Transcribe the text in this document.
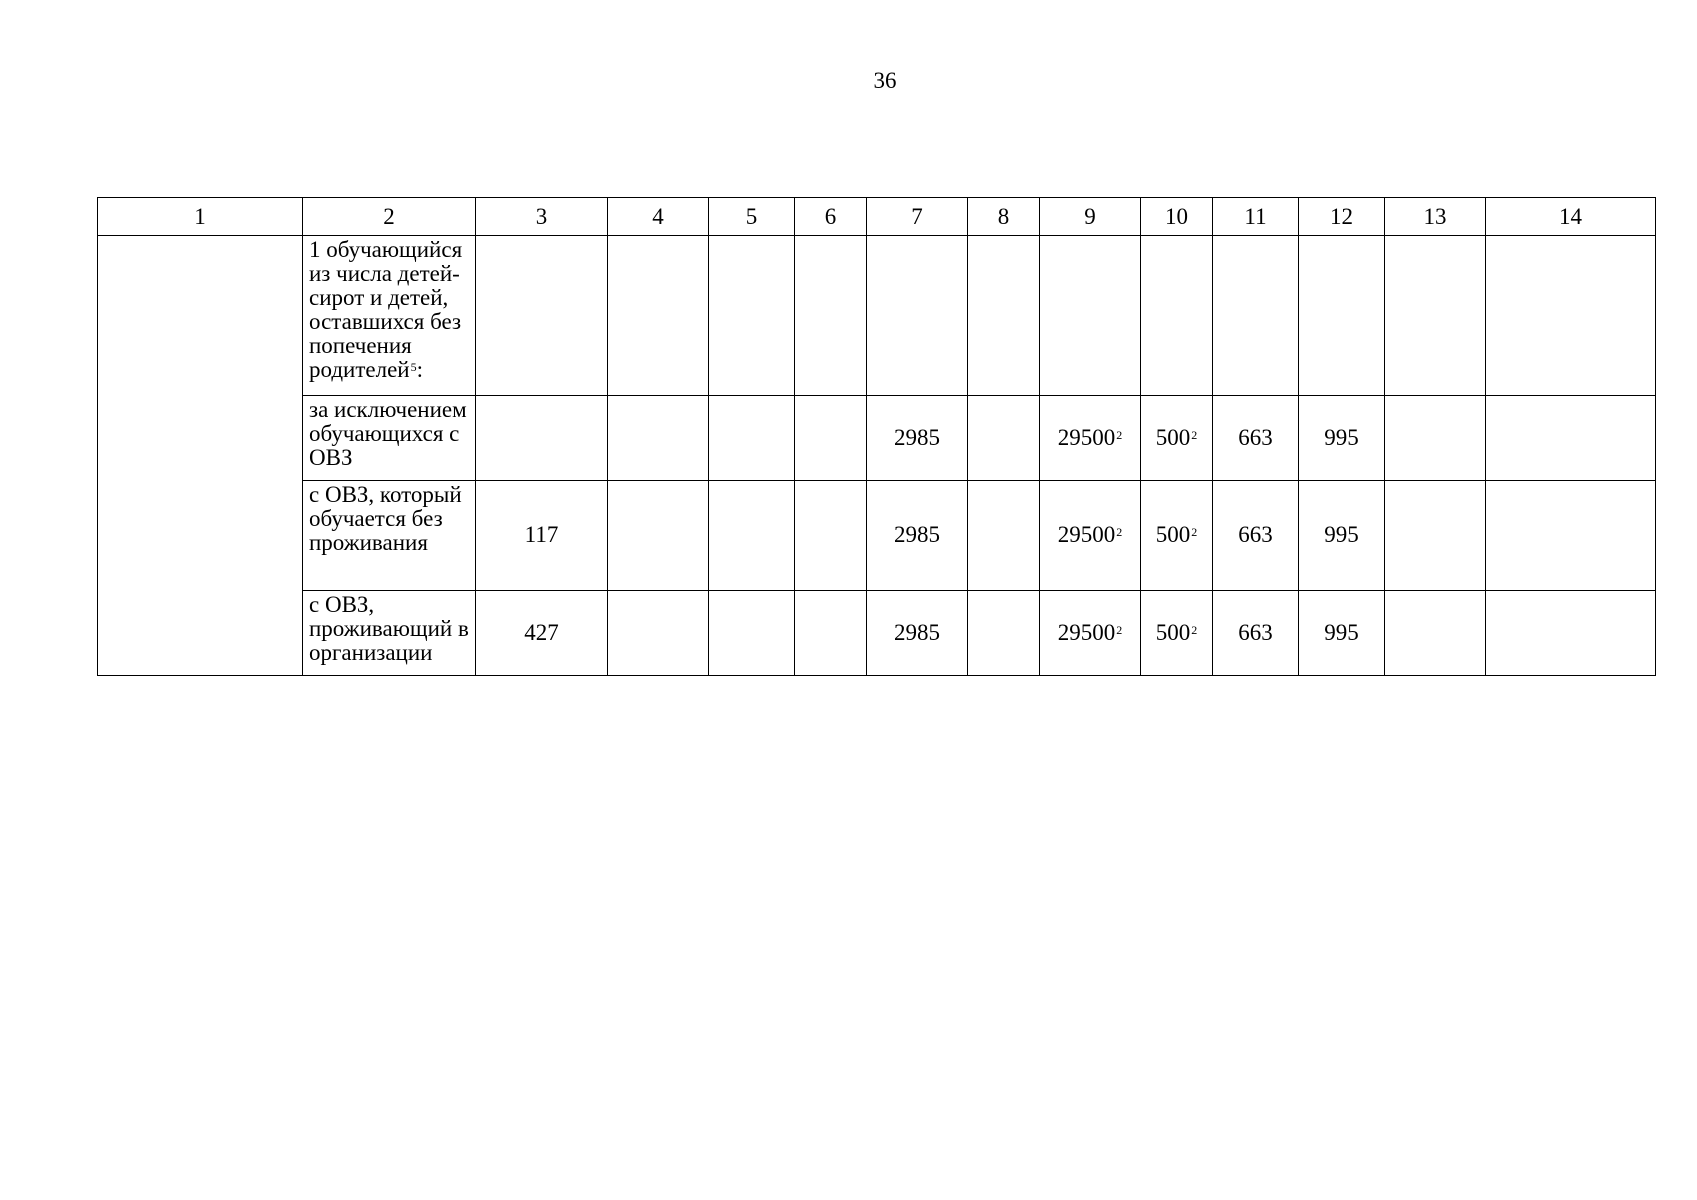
36
1	2	3	4	5	6	7	8	9	10	11	12	13	14
	1 обучающийся из числа детей-сирот и детей, оставшихся без попечения родителей$^5$:												
	за исключением обучающихся с ОВЗ					2985		29500$^2$	$500^2$	663	995		
	с ОВЗ, который обучается без проживания	117				2985		29500$^2$	$500^2$	663	995		
	с ОВЗ, проживающий в организации	427				2985		29500$^2$	$500^2$	663	995		
